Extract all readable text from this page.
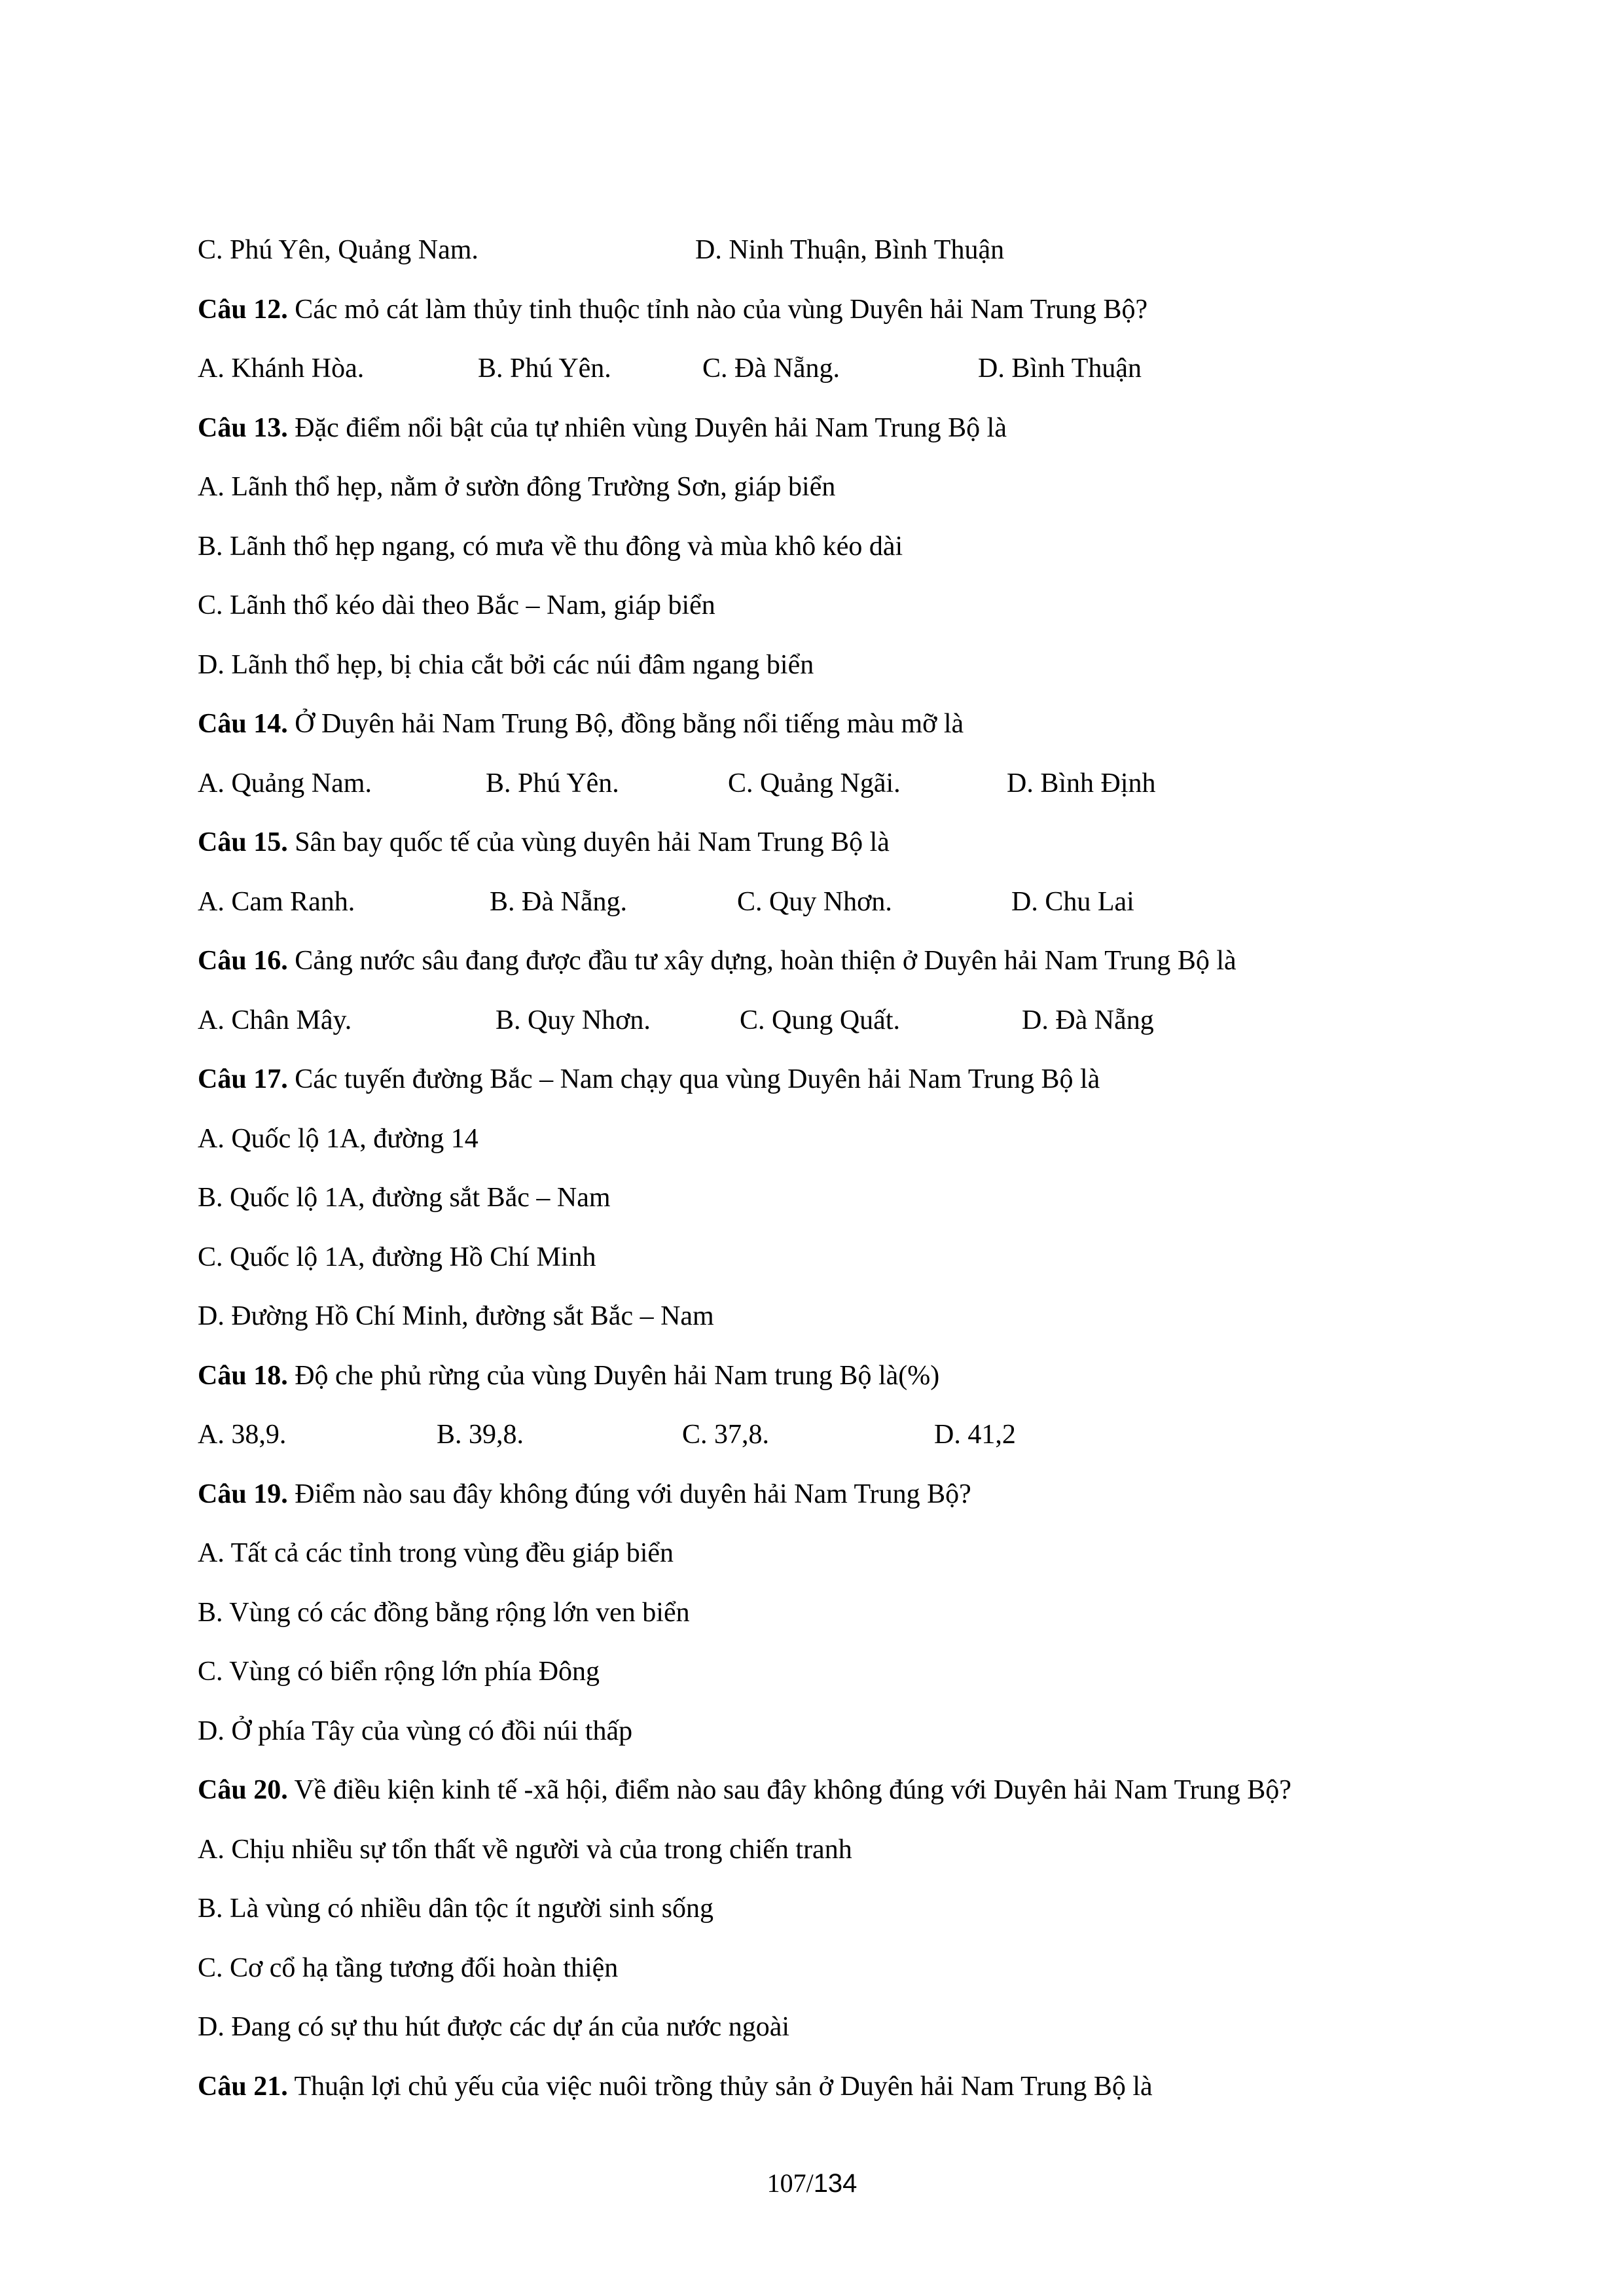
C. Phú Yên, Quảng Nam.	D. Ninh Thuận, Bình Thuận
Câu 12. Các mỏ cát làm thủy tinh thuộc tỉnh nào của vùng Duyên hải Nam Trung Bộ?
A. Khánh Hòa.	B. Phú Yên.	C. Đà Nẵng.	D. Bình Thuận
Câu 13. Đặc điểm nổi bật của tự nhiên vùng Duyên hải Nam Trung Bộ là
A. Lãnh thổ hẹp, nằm ở sườn đông Trường Sơn, giáp biển
B. Lãnh thổ hẹp ngang, có mưa về thu đông và mùa khô kéo dài
C. Lãnh thổ kéo dài theo Bắc – Nam, giáp biển
D. Lãnh thổ hẹp, bị chia cắt bởi các núi đâm ngang biển
Câu 14. Ở Duyên hải Nam Trung Bộ, đồng bằng nổi tiếng màu mỡ là
A. Quảng Nam.	B. Phú Yên.	C. Quảng Ngãi.	D. Bình Định
Câu 15. Sân bay quốc tế của vùng duyên hải Nam Trung Bộ là
A. Cam Ranh.	B. Đà Nẵng.	C. Quy Nhơn.	D. Chu Lai
Câu 16. Cảng nước sâu đang được đầu tư xây dựng, hoàn thiện ở Duyên hải Nam Trung Bộ là
A. Chân Mây.	B. Quy Nhơn.	C. Qung Quất.	D. Đà Nẵng
Câu 17. Các tuyến đường Bắc – Nam chạy qua vùng Duyên hải Nam Trung Bộ là
A. Quốc lộ 1A, đường 14
B. Quốc lộ 1A, đường sắt Bắc – Nam
C. Quốc lộ 1A, đường Hồ Chí Minh
D. Đường Hồ Chí Minh, đường sắt Bắc – Nam
Câu 18. Độ che phủ rừng của vùng Duyên hải Nam trung Bộ là(%)
A. 38,9.	B. 39,8.	C. 37,8.	D. 41,2
Câu 19. Điểm nào sau đây không đúng với duyên hải Nam Trung Bộ?
A. Tất cả các tỉnh trong vùng đều giáp biển
B. Vùng có các đồng bằng rộng lớn ven biển
C. Vùng có biển rộng lớn phía Đông
D. Ở phía Tây của vùng có đồi núi thấp
Câu 20. Về điều kiện kinh tế -xã hội, điểm nào sau đây không đúng với Duyên hải Nam Trung Bộ?
A. Chịu nhiều sự tổn thất về người và của trong chiến tranh
B. Là vùng có nhiều dân tộc ít người sinh sống
C. Cơ cổ hạ tầng tương đối hoàn thiện
D. Đang có sự thu hút được các dự án của nước ngoài
Câu 21. Thuận lợi chủ yếu của việc nuôi trồng thủy sản ở Duyên hải Nam Trung Bộ là
107/134
